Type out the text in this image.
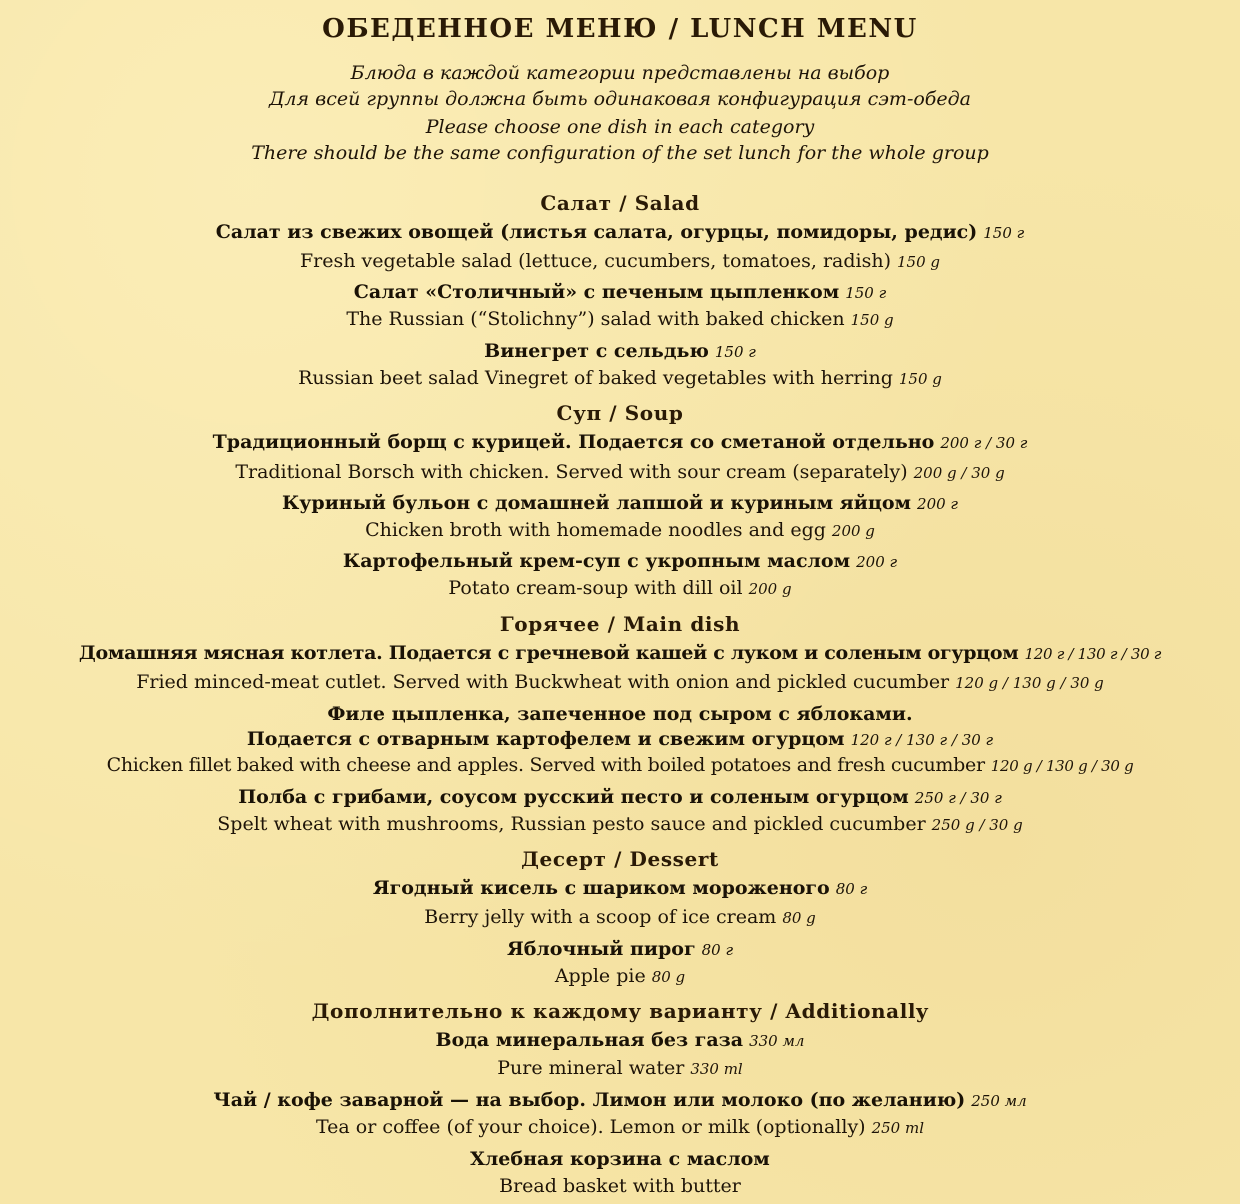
ОБЕДЕННОЕ МЕНЮ / LUNCH MENU
Блюда в каждой категории представлены на выбор
Для всей группы должна быть одинаковая конфигурация сэт-обеда
Please choose one dish in each category
There should be the same configuration of the set lunch for the whole group
Салат / Salad
Салат из свежих овощей (листья салата, огурцы, помидоры, редис) 150 г
Fresh vegetable salad (lettuce, cucumbers, tomatoes, radish) 150 g
Салат «Столичный» с печеным цыпленком 150 г
The Russian (“Stolichny”) salad with baked chicken 150 g
Винегрет с сельдью 150 г
Russian beet salad Vinegret of baked vegetables with herring 150 g
Суп / Soup
Традиционный борщ с курицей. Подается со сметаной отдельно 200 г / 30 г
Traditional Borsch with chicken. Served with sour cream (separately) 200 g / 30 g
Куриный бульон с домашней лапшой и куриным яйцом 200 г
Chicken broth with homemade noodles and egg 200 g
Картофельный крем-суп с укропным маслом 200 г
Potato cream-soup with dill oil 200 g
Горячее / Main dish
Домашняя мясная котлета. Подается с гречневой кашей с луком и соленым огурцом 120 г / 130 г / 30 г
Fried minced-meat cutlet. Served with Buckwheat with onion and pickled cucumber 120 g / 130 g / 30 g
Филе цыпленка, запеченное под сыром с яблоками.
Подается с отварным картофелем и свежим огурцом 120 г / 130 г / 30 г
Chicken fillet baked with cheese and apples. Served with boiled potatoes and fresh cucumber 120 g / 130 g / 30 g
Полба с грибами, соусом русский песто и соленым огурцом 250 г / 30 г
Spelt wheat with mushrooms, Russian pesto sauce and pickled cucumber 250 g / 30 g
Десерт / Dessert
Ягодный кисель с шариком мороженого 80 г
Berry jelly with a scoop of ice cream 80 g
Яблочный пирог 80 г
Apple pie 80 g
Дополнительно к каждому варианту / Additionally
Вода минеральная без газа 330 мл
Pure mineral water 330 ml
Чай / кофе заварной — на выбор. Лимон или молоко (по желанию) 250 мл
Tea or coffee (of your choice). Lemon or milk (optionally) 250 ml
Хлебная корзина с маслом
Bread basket with butter
